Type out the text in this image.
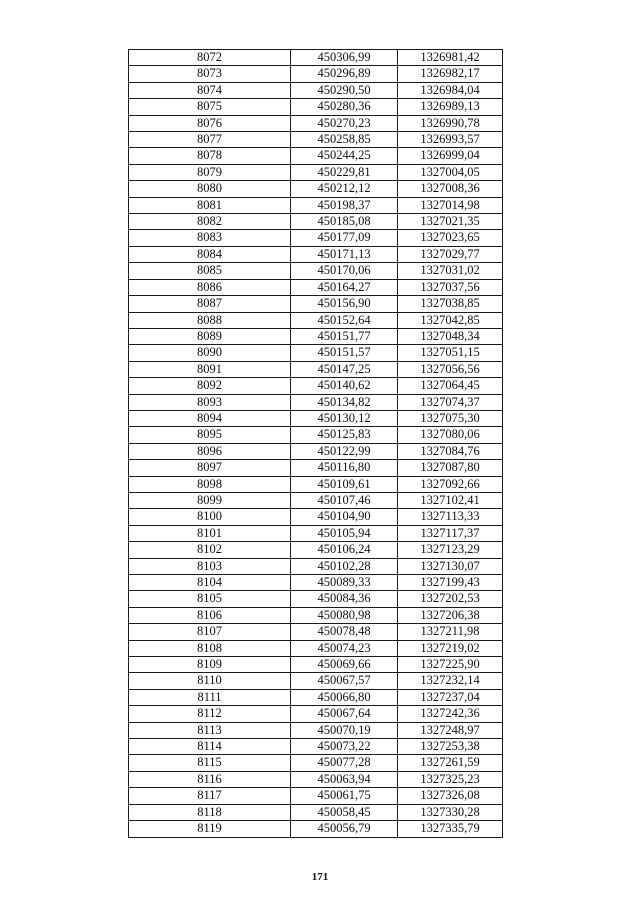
8072	450306,99	1326981,42
8073	450296,89	1326982,17
8074	450290,50	1326984,04
8075	450280,36	1326989,13
8076	450270,23	1326990,78
8077	450258,85	1326993,57
8078	450244,25	1326999,04
8079	450229,81	1327004,05
8080	450212,12	1327008,36
8081	450198,37	1327014,98
8082	450185,08	1327021,35
8083	450177,09	1327023,65
8084	450171,13	1327029,77
8085	450170,06	1327031,02
8086	450164,27	1327037,56
8087	450156,90	1327038,85
8088	450152,64	1327042,85
8089	450151,77	1327048,34
8090	450151,57	1327051,15
8091	450147,25	1327056,56
8092	450140,62	1327064,45
8093	450134,82	1327074,37
8094	450130,12	1327075,30
8095	450125,83	1327080,06
8096	450122,99	1327084,76
8097	450116,80	1327087,80
8098	450109,61	1327092,66
8099	450107,46	1327102,41
8100	450104,90	1327113,33
8101	450105,94	1327117,37
8102	450106,24	1327123,29
8103	450102,28	1327130,07
8104	450089,33	1327199,43
8105	450084,36	1327202,53
8106	450080,98	1327206,38
8107	450078,48	1327211,98
8108	450074,23	1327219,02
8109	450069,66	1327225,90
8110	450067,57	1327232,14
8111	450066,80	1327237,04
8112	450067,64	1327242,36
8113	450070,19	1327248,97
8114	450073,22	1327253,38
8115	450077,28	1327261,59
8116	450063,94	1327325,23
8117	450061,75	1327326,08
8118	450058,45	1327330,28
8119	450056,79	1327335,79
171
